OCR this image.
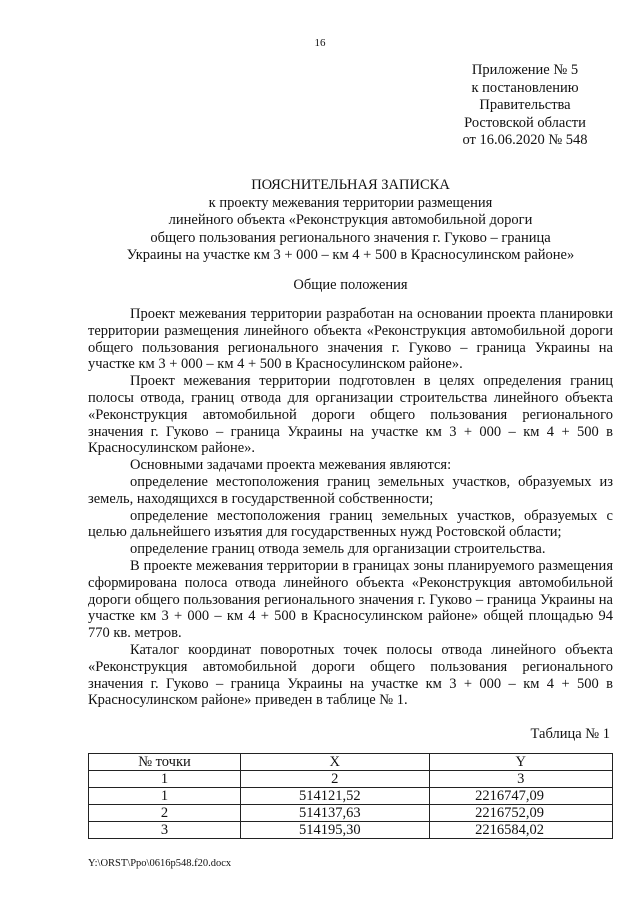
16
Приложение № 5
к постановлению
Правительства
Ростовской области
от 16.06.2020 № 548
ПОЯСНИТЕЛЬНАЯ ЗАПИСКА
к проекту межевания территории размещения
линейного объекта «Реконструкция автомобильной дороги
общего пользования регионального значения г. Гуково – граница
Украины на участке км 3 + 000 – км 4 + 500 в Красносулинском районе»
Общие положения

Проект межевания территории разработан на основании проекта планировки территории размещения линейного объекта «Реконструкция автомобильной дороги общего пользования регионального значения г. Гуково – граница Украины на участке км 3 + 000 – км 4 + 500 в Красносулинском районе».

Проект межевания территории подготовлен в целях определения границ полосы отвода, границ отвода для организации строительства линейного объекта «Реконструкция автомобильной дороги общего пользования регионального значения г. Гуково – граница Украины на участке км 3 + 000 – км 4 + 500 в Красносулинском районе».

Основными задачами проекта межевания являются:

определение местоположения границ земельных участков, образуемых из земель, находящихся в государственной собственности;

определение местоположения границ земельных участков, образуемых с целью дальнейшего изъятия для государственных нужд Ростовской области;

определение границ отвода земель для организации строительства.

В проекте межевания территории в границах зоны планируемого размещения сформирована полоса отвода линейного объекта «Реконструкция автомобильной дороги общего пользования регионального значения г. Гуково – граница Украины на участке км 3 + 000 – км 4 + 500 в Красносулинском районе» общей площадью 94 770 кв. метров.

Каталог координат поворотных точек полосы отвода линейного объекта «Реконструкция автомобильной дороги общего пользования регионального значения г. Гуково – граница Украины на участке км 3 + 000 – км 4 + 500 в Красносулинском районе» приведен в таблице № 1.

Таблица № 1
№ точки	X	Y
1	2	3
1	514121,52	2216747,09
2	514137,63	2216752,09
3	514195,30	2216584,02
Y:\ORST\Ppo\0616p548.f20.docx
